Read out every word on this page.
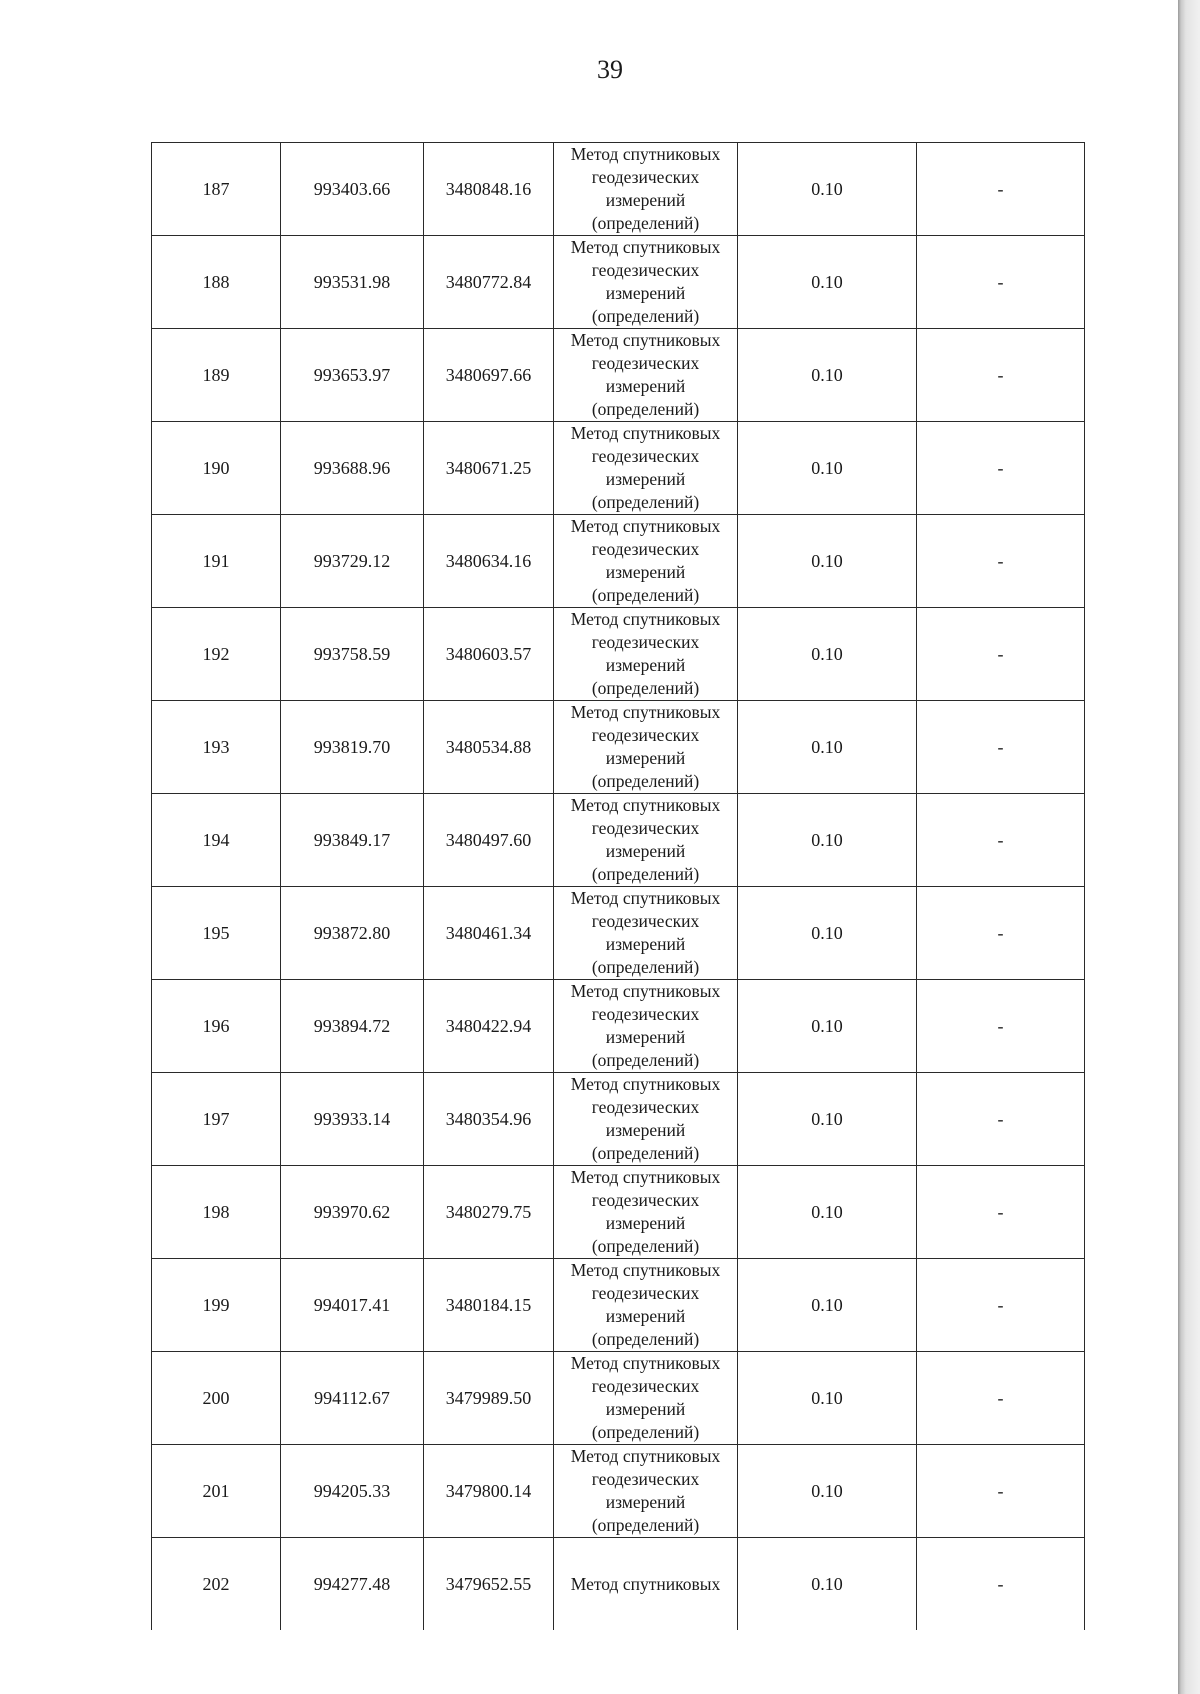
39
187	993403.66	3480848.16	Метод спутниковых геодезических измерений (определений)	0.10	-
188	993531.98	3480772.84	Метод спутниковых геодезических измерений (определений)	0.10	-
189	993653.97	3480697.66	Метод спутниковых геодезических измерений (определений)	0.10	-
190	993688.96	3480671.25	Метод спутниковых геодезических измерений (определений)	0.10	-
191	993729.12	3480634.16	Метод спутниковых геодезических измерений (определений)	0.10	-
192	993758.59	3480603.57	Метод спутниковых геодезических измерений (определений)	0.10	-
193	993819.70	3480534.88	Метод спутниковых геодезических измерений (определений)	0.10	-
194	993849.17	3480497.60	Метод спутниковых геодезических измерений (определений)	0.10	-
195	993872.80	3480461.34	Метод спутниковых геодезических измерений (определений)	0.10	-
196	993894.72	3480422.94	Метод спутниковых геодезических измерений (определений)	0.10	-
197	993933.14	3480354.96	Метод спутниковых геодезических измерений (определений)	0.10	-
198	993970.62	3480279.75	Метод спутниковых геодезических измерений (определений)	0.10	-
199	994017.41	3480184.15	Метод спутниковых геодезических измерений (определений)	0.10	-
200	994112.67	3479989.50	Метод спутниковых геодезических измерений (определений)	0.10	-
201	994205.33	3479800.14	Метод спутниковых геодезических измерений (определений)	0.10	-
202	994277.48	3479652.55	Метод спутниковых	0.10	-
